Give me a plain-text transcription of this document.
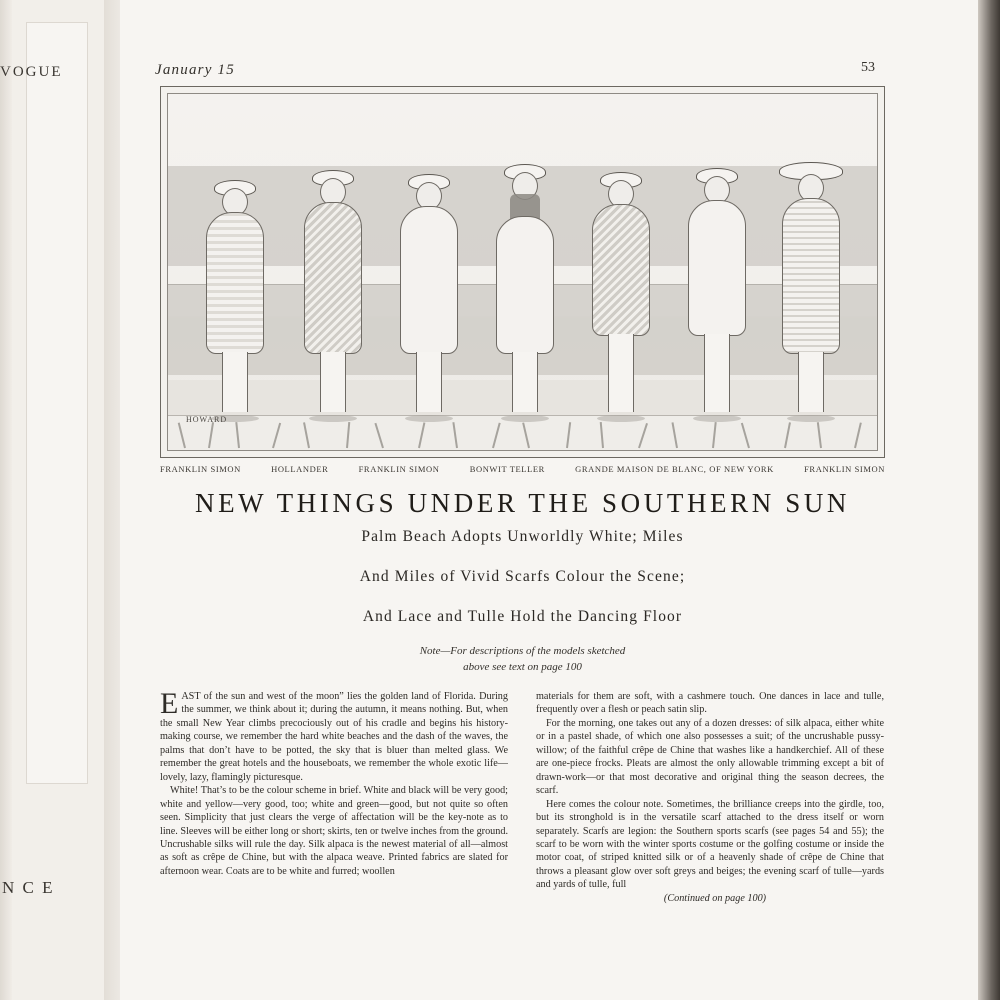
VOGUE
N C E
January 15	53
HOWARD
FRANKLIN SIMON	HOLLANDER	FRANKLIN SIMON	BONWIT TELLER	GRANDE MAISON DE BLANC, OF NEW YORK	FRANKLIN SIMON
NEW THINGS UNDER THE SOUTHERN SUN
Palm Beach Adopts Unworldly White; Miles
And Miles of Vivid Scarfs Colour the Scene;
And Lace and Tulle Hold the Dancing Floor
Note—For descriptions of the models sketched
above see text on page 100

EAST of the sun and west of the moon” lies the golden land of Florida. During the summer, we think about it; during the autumn, it means nothing. But, when the small New Year climbs precociously out of his cradle and begins his history-making course, we remember the hard white beaches and the dash of the waves, the palms that don’t have to be potted, the sky that is bluer than melted glass. We remember the great hotels and the houseboats, we remember the whole exotic life—lovely, lazy, flamingly picturesque.

White! That’s to be the colour scheme in brief. White and black will be very good; white and yellow—very good, too; white and green—good, but not quite so often seen. Simplicity that just clears the verge of affectation will be the key-note as to line. Sleeves will be either long or short; skirts, ten or twelve inches from the ground. Uncrushable silks will rule the day. Silk alpaca is the newest material of all—almost as soft as crêpe de Chine, but with the alpaca weave. Printed fabrics are slated for afternoon wear. Coats are to be white and furred; woollen

materials for them are soft, with a cashmere touch. One dances in lace and tulle, frequently over a flesh or peach satin slip.

For the morning, one takes out any of a dozen dresses: of silk alpaca, either white or in a pastel shade, of which one also possesses a suit; of the uncrushable pussy-willow; of the faithful crêpe de Chine that washes like a handkerchief. All of these are one-piece frocks. Pleats are almost the only allowable trimming except a bit of drawn-work—or that most decorative and original thing the season decrees, the scarf.

Here comes the colour note. Sometimes, the brilliance creeps into the girdle, too, but its stronghold is in the versatile scarf attached to the dress itself or worn separately. Scarfs are legion: the Southern sports scarfs (see pages 54 and 55); the scarf to be worn with the winter sports costume or the golfing costume or inside the motor coat, of striped knitted silk or of a heavenly shade of crêpe de Chine that throws a pleasant glow over soft greys and beiges; the evening scarf of tulle—yards and yards of tulle, full

(Continued on page 100)
